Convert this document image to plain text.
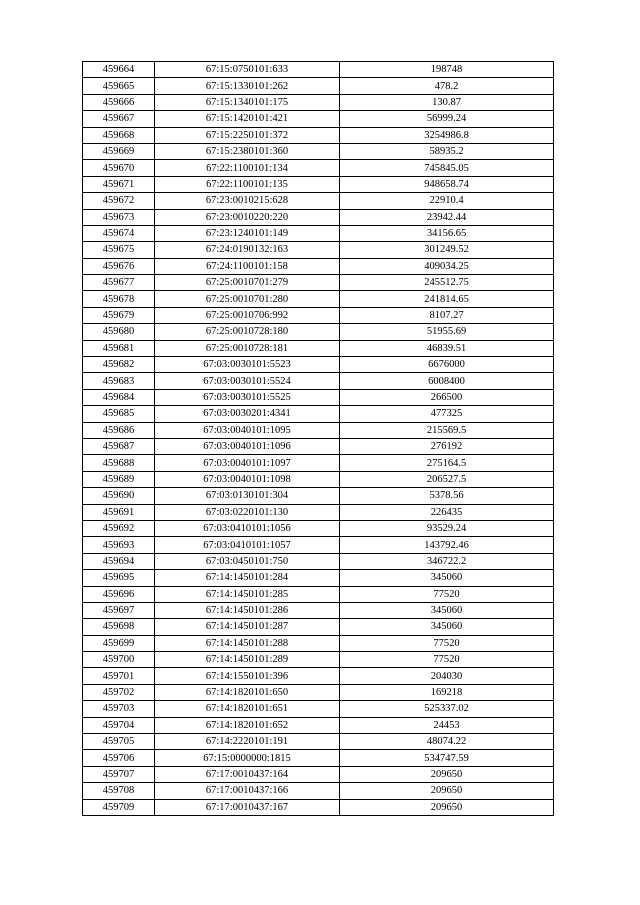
459664	67:15:0750101:633	198748
459665	67:15:1330101:262	478.2
459666	67:15:1340101:175	130.87
459667	67:15:1420101:421	56999.24
459668	67:15:2250101:372	3254986.8
459669	67:15:2380101:360	58935.2
459670	67:22:1100101:134	745845.05
459671	67:22:1100101:135	948658.74
459672	67:23:0010215:628	22910.4
459673	67:23:0010220:220	23942.44
459674	67:23:1240101:149	34156.65
459675	67:24:0190132:163	301249.52
459676	67:24:1100101:158	409034.25
459677	67:25:0010701:279	245512.75
459678	67:25:0010701:280	241814.65
459679	67:25:0010706:992	8107.27
459680	67:25:0010728:180	51955.69
459681	67:25:0010728:181	46839.51
459682	67:03:0030101:5523	6676000
459683	67:03:0030101:5524	6008400
459684	67:03:0030101:5525	266500
459685	67:03:0030201:4341	477325
459686	67:03:0040101:1095	215569.5
459687	67:03:0040101:1096	276192
459688	67:03:0040101:1097	275164.5
459689	67:03:0040101:1098	206527.5
459690	67:03:0130101:304	5378.56
459691	67:03:0220101:130	226435
459692	67:03:0410101:1056	93529.24
459693	67:03:0410101:1057	143792.46
459694	67:03:0450101:750	346722.2
459695	67:14:1450101:284	345060
459696	67:14:1450101:285	77520
459697	67:14:1450101:286	345060
459698	67:14:1450101:287	345060
459699	67:14:1450101:288	77520
459700	67:14:1450101:289	77520
459701	67:14:1550101:396	204030
459702	67:14:1820101:650	169218
459703	67:14:1820101:651	525337.02
459704	67:14:1820101:652	24453
459705	67:14:2220101:191	48074.22
459706	67:15:0000000:1815	534747.59
459707	67:17:0010437:164	209650
459708	67:17:0010437:166	209650
459709	67:17:0010437:167	209650
